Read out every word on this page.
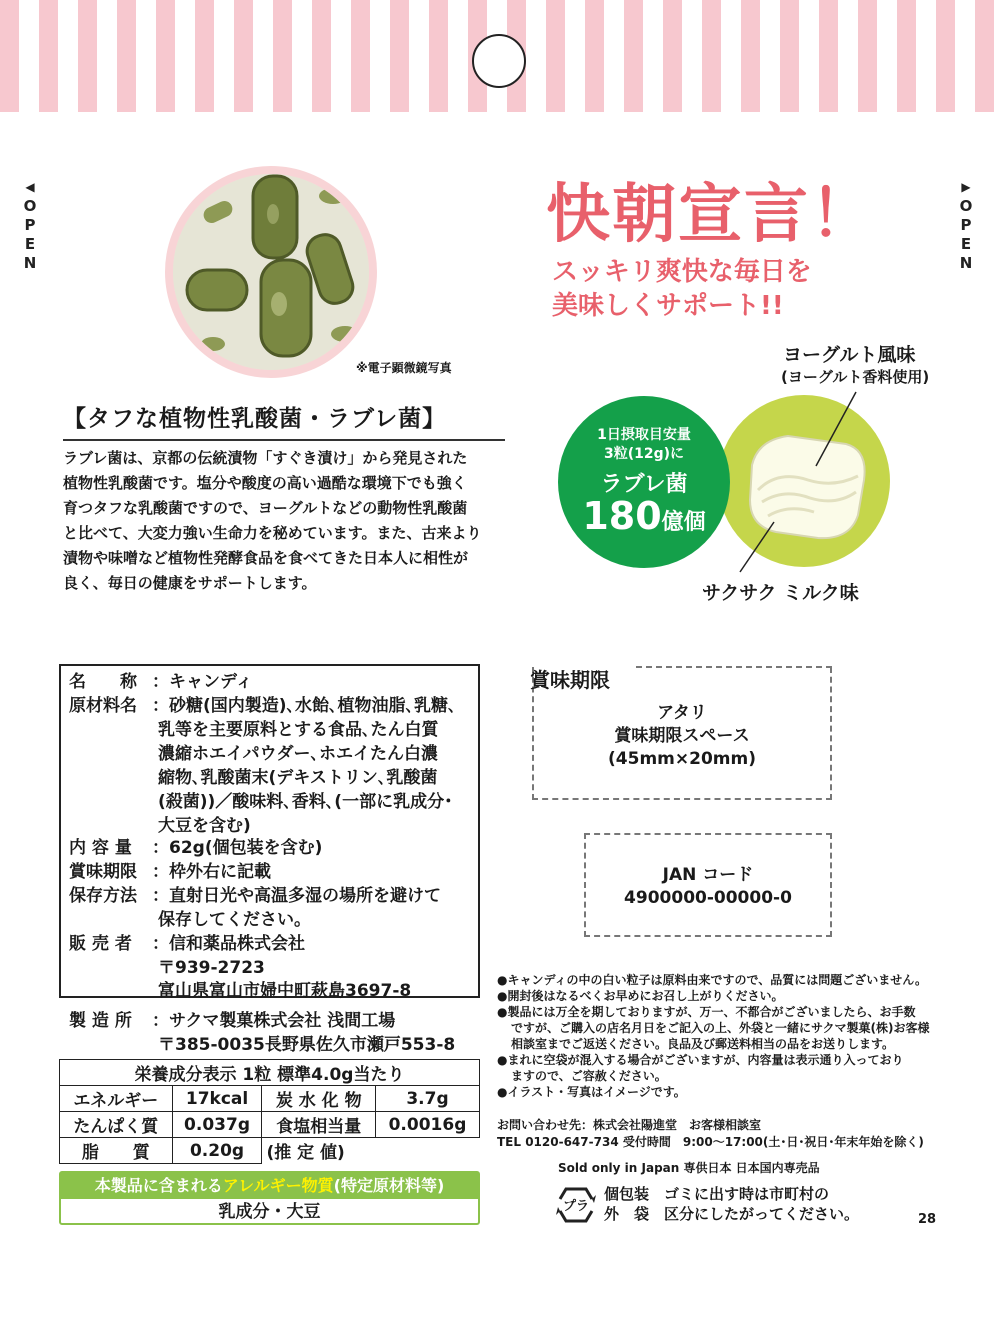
◀
O
P
E
N
▶
O
P
E
N
※電子顕微鏡写真
【タフな植物性乳酸菌・ラブレ菌】
ラブレ菌は、京都の伝統漬物「すぐき漬け」から発見された
植物性乳酸菌です。塩分や酸度の高い過酷な環境下でも強く
育つタフな乳酸菌ですので、ヨーグルトなどの動物性乳酸菌
と比べて、大変力強い生命力を秘めています。また、古来より
漬物や味噌など植物性発酵食品を食べてきた日本人に相性が
良く、毎日の健康をサポートします。
快朝宣言！
スッキリ爽快な毎日を
美味しくサポート!!
ヨーグルト風味
(ヨーグルト香料使用)
1日摂取目安量
3粒(12g)に
ラブレ菌
180億個
サクサク ミルク味
名　　称 ：キャンディ
原材料名 ：砂糖(国内製造)､水飴､植物油脂､乳糖､
乳等を主要原料とする食品､たん白質
濃縮ホエイパウダー､ホエイたん白濃
縮物､乳酸菌末(デキストリン､乳酸菌
(殺菌))／酸味料､香料､(一部に乳成分･
大豆を含む)
内 容 量 ：62g(個包装を含む)
賞味期限 ：枠外右に記載
保存方法 ：直射日光や高温多湿の場所を避けて
保存してください。
販 売 者 ：信和薬品株式会社
〒939-2723
富山県富山市婦中町萩島3697-8
製 造 所 ：サクマ製菓株式会社 浅間工場
〒385-0035長野県佐久市瀬戸553-8
栄養成分表示 1粒 標準4.0g当たり			
エネルギー	17kcal	炭 水 化 物	3.7g
たんぱく質	0.037g	食塩相当量	0.0016g
脂　　質	0.20g	(推 定 値)	
本製品に含まれるアレルギー物質(特定原材料等)
乳成分・大豆
賞味期限
アタリ
賞味期限スペース
(45mm×20mm)
JAN コード
4900000-00000-0
●キャンディの中の白い粒子は原料由来ですので、品質には問題ございません。
●開封後はなるべくお早めにお召し上がりください。
●製品には万全を期しておりますが、万一、不都合がございましたら、お手数
ですが、ご購入の店名月日をご記入の上、外袋と一緒にサクマ製菓(株)お客様
相談室までご返送ください。良品及び郵送料相当の品をお送りします。
●まれに空袋が混入する場合がございますが、内容量は表示通り入っており
ますので、ご容赦ください。
●イラスト・写真はイメージです。
お問い合わせ先：株式会社陽進堂　お客様相談室
TEL 0120-647-734 受付時間　9:00～17:00(土･日･祝日･年末年始を除く)
Sold only in Japan 専供日本 日本国内専売品
プラ
個包装　ゴミに出す時は市町村の
外　袋　区分にしたがってください。	28
